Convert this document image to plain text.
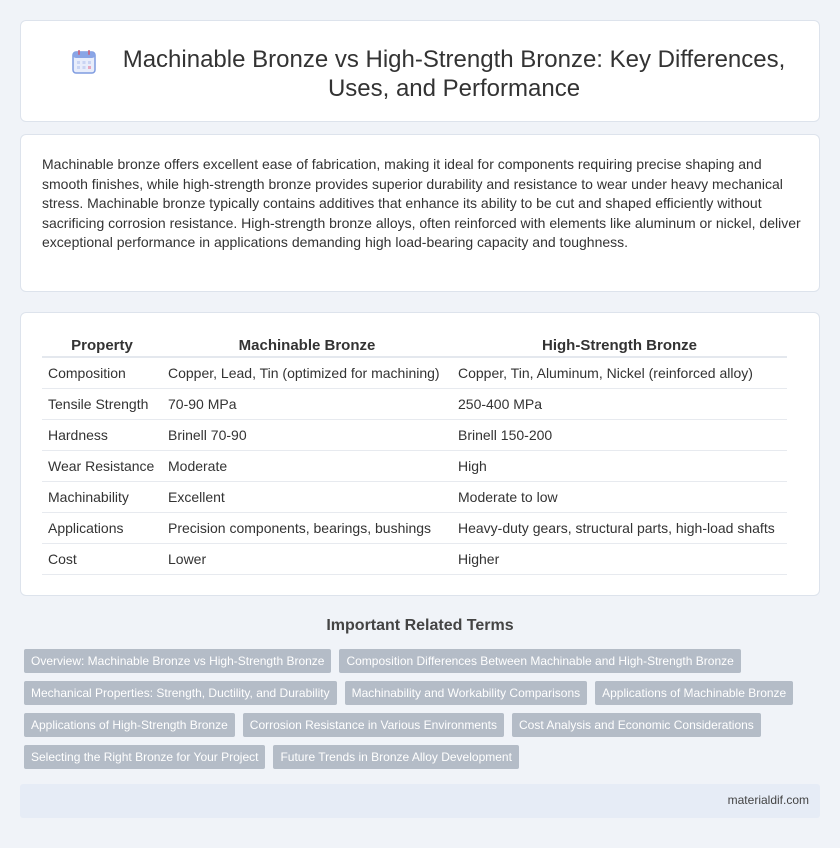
Machinable Bronze vs High-Strength Bronze: Key Differences, Uses, and Performance

Machinable bronze offers excellent ease of fabrication, making it ideal for components requiring precise shaping and smooth finishes, while high-strength bronze provides superior durability and resistance to wear under heavy mechanical stress. Machinable bronze typically contains additives that enhance its ability to be cut and shaped efficiently without sacrificing corrosion resistance. High-strength bronze alloys, often reinforced with elements like aluminum or nickel, deliver exceptional performance in applications demanding high load-bearing capacity and toughness.

Property	Machinable Bronze	High-Strength Bronze
Composition	Copper, Lead, Tin (optimized for machining)	Copper, Tin, Aluminum, Nickel (reinforced alloy)
Tensile Strength	70-90 MPa	250-400 MPa
Hardness	Brinell 70-90	Brinell 150-200
Wear Resistance	Moderate	High
Machinability	Excellent	Moderate to low
Applications	Precision components, bearings, bushings	Heavy-duty gears, structural parts, high-load shafts
Cost	Lower	Higher
Important Related Terms
Overview: Machinable Bronze vs High-Strength Bronze	Composition Differences Between Machinable and High-Strength Bronze
Mechanical Properties: Strength, Ductility, and Durability	Machinability and Workability Comparisons	Applications of Machinable Bronze
Applications of High-Strength Bronze	Corrosion Resistance in Various Environments	Cost Analysis and Economic Considerations
Selecting the Right Bronze for Your Project	Future Trends in Bronze Alloy Development
materialdif.com
